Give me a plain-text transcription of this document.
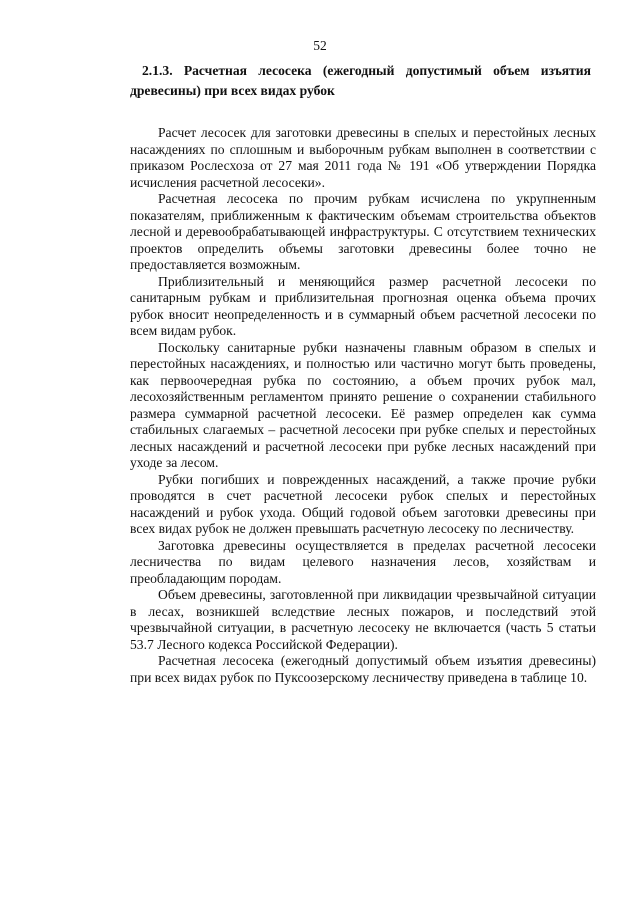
52
2.1.3. Расчетная лесосека (ежегодный допустимый объем изъятия древесины) при всех видах рубок

Расчет лесосек для заготовки древесины в спелых и перестойных лесных насаждениях по сплошным и выборочным рубкам выполнен в соответствии с приказом Рослесхоза от 27 мая 2011 года № 191 «Об утверждении Порядка исчисления расчетной лесосеки».

Расчетная лесосека по прочим рубкам исчислена по укрупненным показателям, приближенным к фактическим объемам строительства объектов лесной и деревообрабатывающей инфраструктуры. С отсутствием технических проектов определить объемы заготовки древесины более точно не предоставляется возможным.

Приблизительный и меняющийся размер расчетной лесосеки по санитарным рубкам и приблизительная прогнозная оценка объема прочих рубок вносит неопределенность и в суммарный объем расчетной лесосеки по всем видам рубок.

Поскольку санитарные рубки назначены главным образом в спелых и перестойных насаждениях, и полностью или частично могут быть проведены, как первоочередная рубка по состоянию, а объем прочих рубок мал, лесохозяйственным регламентом принято решение о сохранении стабильного размера суммарной расчетной лесосеки. Её размер определен как сумма стабильных слагаемых – расчетной лесосеки при рубке спелых и перестойных лесных насаждений и расчетной лесосеки при рубке лесных насаждений при уходе за лесом.

Рубки погибших и поврежденных насаждений, а также прочие рубки проводятся в счет расчетной лесосеки рубок спелых и перестойных насаждений и рубок ухода. Общий годовой объем заготовки древесины при всех видах рубок не должен превышать расчетную лесосеку по лесничеству.

Заготовка древесины осуществляется в пределах расчетной лесосеки лесничества по видам целевого назначения лесов, хозяйствам и преобладающим породам.

Объем древесины, заготовленной при ликвидации чрезвычайной ситуации в лесах, возникшей вследствие лесных пожаров, и последствий этой чрезвычайной ситуации, в расчетную лесосеку не включается (часть 5 статьи 53.7 Лесного кодекса Российской Федерации).

Расчетная лесосека (ежегодный допустимый объем изъятия древесины) при всех видах рубок по Пуксоозерскому лесничеству приведена в таблице 10.
